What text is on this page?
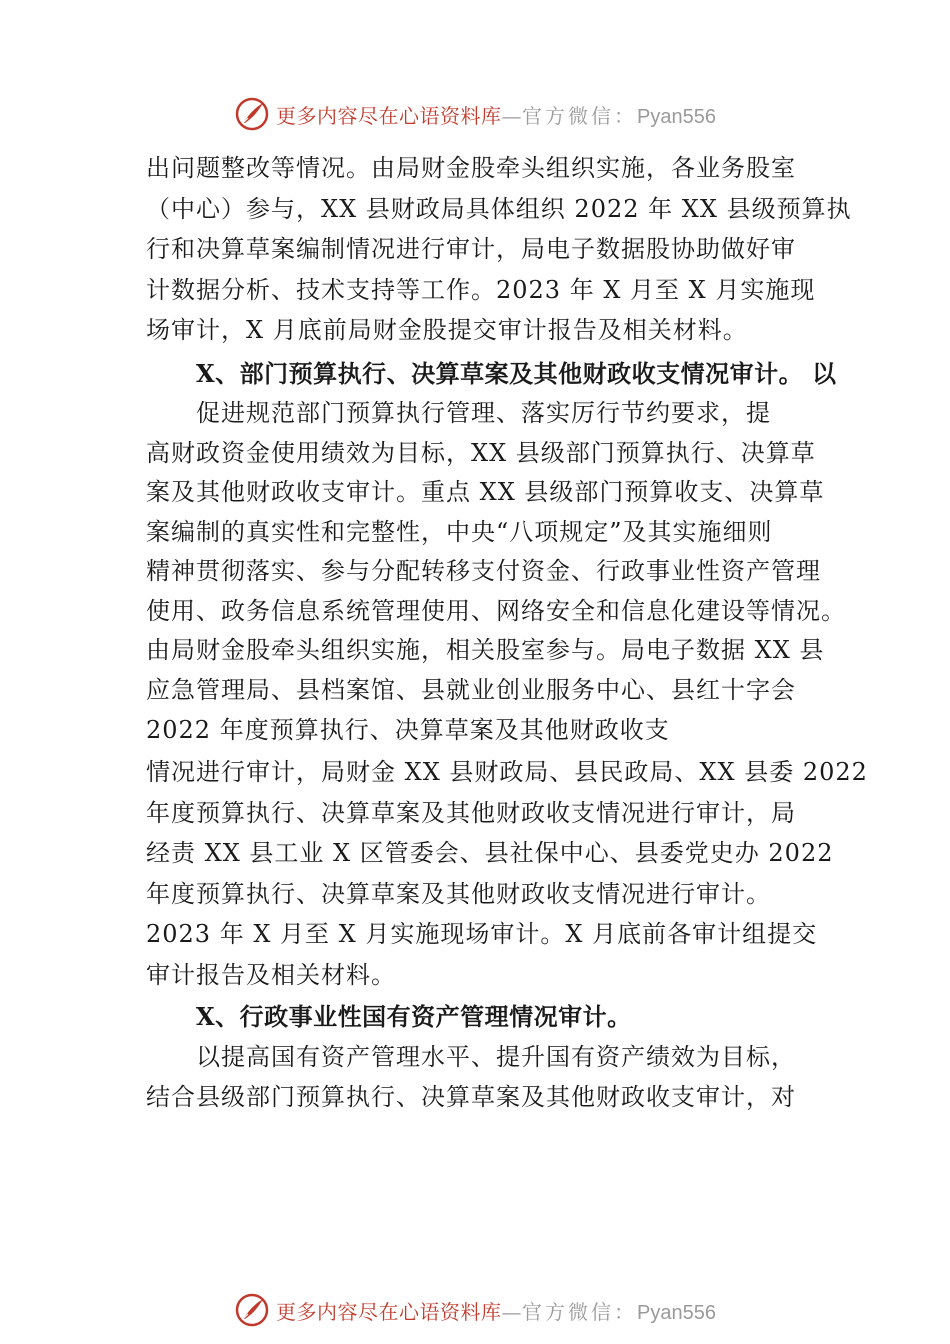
更多内容尽在心语资料库—官方微信：Pyan556
出问题整改等情况。由局财金股牵头组织实施，各业务股室
（中心）参与，XX 县财政局具体组织 2022 年 XX 县级预算执
行和决算草案编制情况进行审计，局电子数据股协助做好审
计数据分析、技术支持等工作。2023 年 X 月至 X 月实施现
场审计，X 月底前局财金股提交审计报告及相关材料。
X、部门预算执行、决算草案及其他财政收支情况审计。 以
促进规范部门预算执行管理、落实厉行节约要求，提
高财政资金使用绩效为目标，XX 县级部门预算执行、决算草
案及其他财政收支审计。重点 XX 县级部门预算收支、决算草
案编制的真实性和完整性，中央“八项规定”及其实施细则
精神贯彻落实、参与分配转移支付资金、行政事业性资产管理
使用、政务信息系统管理使用、网络安全和信息化建设等情况。
由局财金股牵头组织实施，相关股室参与。局电子数据 XX 县
应急管理局、县档案馆、县就业创业服务中心、县红十字会
2022 年度预算执行、决算草案及其他财政收支
情况进行审计，局财金 XX 县财政局、县民政局、XX 县委 2022
年度预算执行、决算草案及其他财政收支情况进行审计，局
经责 XX 县工业 X 区管委会、县社保中心、县委党史办 2022
年度预算执行、决算草案及其他财政收支情况进行审计。
2023 年 X 月至 X 月实施现场审计。X 月底前各审计组提交
审计报告及相关材料。
X、行政事业性国有资产管理情况审计。
以提高国有资产管理水平、提升国有资产绩效为目标，
结合县级部门预算执行、决算草案及其他财政收支审计，对
更多内容尽在心语资料库—官方微信：Pyan556
